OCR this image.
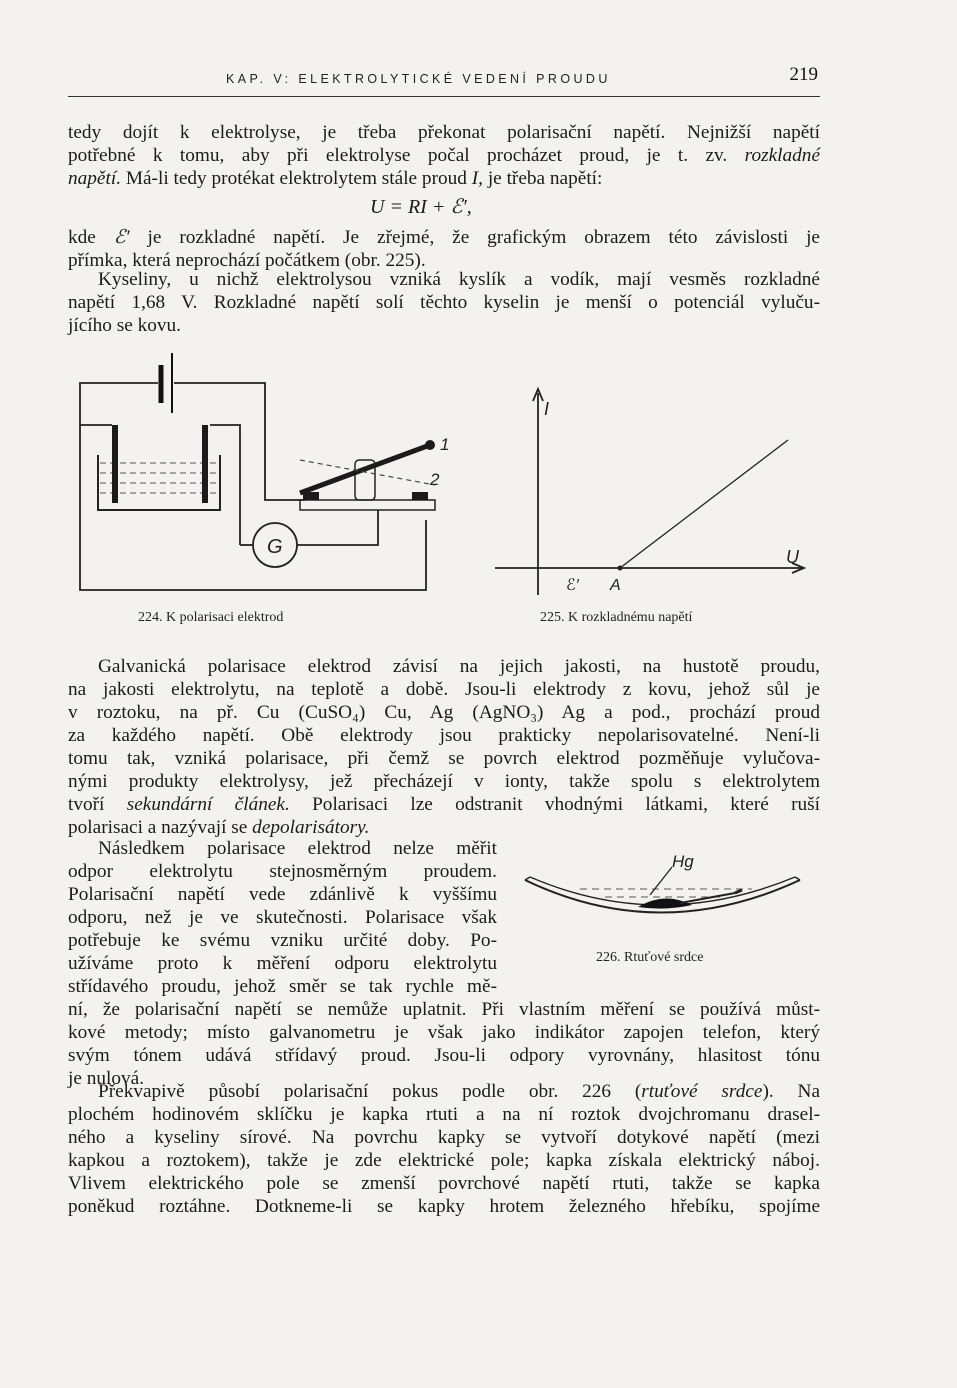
KAP. V: ELEKTROLYTICKÉ VEDENÍ PROUDU	219
tedy dojít k elektrolyse, je třeba překonat polarisační napětí. Nejnižší napětí
potřebné k tomu, aby při elektrolyse počal procházet proud, je t. zv. rozkladné
napětí. Má-li tedy protékat elektrolytem stále proud I, je třeba napětí:
U = RI + ℰ′,
kde ℰ′ je rozkladné napětí. Je zřejmé, že grafickým obrazem této závislosti je
přímka, která neprochází počátkem (obr. 225).
Kyseliny, u nichž elektrolysou vzniká kyslík a vodík, mají vesměs rozkladné
napětí 1,68 V. Rozkladné napětí solí těchto kyselin je menší o potenciál vyluču-
jícího se kovu.
G
1
2
224. K polarisaci elektrod
I
U
ℰ′ A
225. K rozkladnému napětí
Galvanická polarisace elektrod závisí na jejich jakosti, na hustotě proudu,
na jakosti elektrolytu, na teplotě a době. Jsou-li elektrody z kovu, jehož sůl je
v roztoku, na př. Cu (CuSO₄) Cu, Ag (AgNO₃) Ag a pod., prochází proud
za každého napětí. Obě elektrody jsou prakticky nepolarisovatelné. Není-li
tomu tak, vzniká polarisace, při čemž se povrch elektrod pozměňuje vylučova-
nými produkty elektrolysy, jež přecházejí v ionty, takže spolu s elektrolytem
tvoří sekundární článek. Polarisaci lze odstranit vhodnými látkami, které ruší
polarisaci a nazývají se depolarisátory.
Následkem polarisace elektrod nelze měřit
odpor elektrolytu stejnosměrným proudem.
Polarisační napětí vede zdánlivě k vyššímu
odporu, než je ve skutečnosti. Polarisace však
potřebuje ke svému vzniku určité doby. Po-
užíváme proto k měření odporu elektrolytu
střídavého proudu, jehož směr se tak rychle mě-
Hg
226. Rtuťové srdce
ní, že polarisační napětí se nemůže uplatnit. Při vlastním měření se používá můst-
kové metody; místo galvanometru je však jako indikátor zapojen telefon, který
svým tónem udává střídavý proud. Jsou-li odpory vyrovnány, hlasitost tónu
je nulová.
Překvapivě působí polarisační pokus podle obr. 226 (rtuťové srdce). Na
plochém hodinovém sklíčku je kapka rtuti a na ní roztok dvojchromanu drasel-
ného a kyseliny sírové. Na povrchu kapky se vytvoří dotykové napětí (mezi
kapkou a roztokem), takže je zde elektrické pole; kapka získala elektrický náboj.
Vlivem elektrického pole se zmenší povrchové napětí rtuti, takže se kapka
poněkud roztáhne. Dotkneme-li se kapky hrotem železného hřebíku, spojíme
